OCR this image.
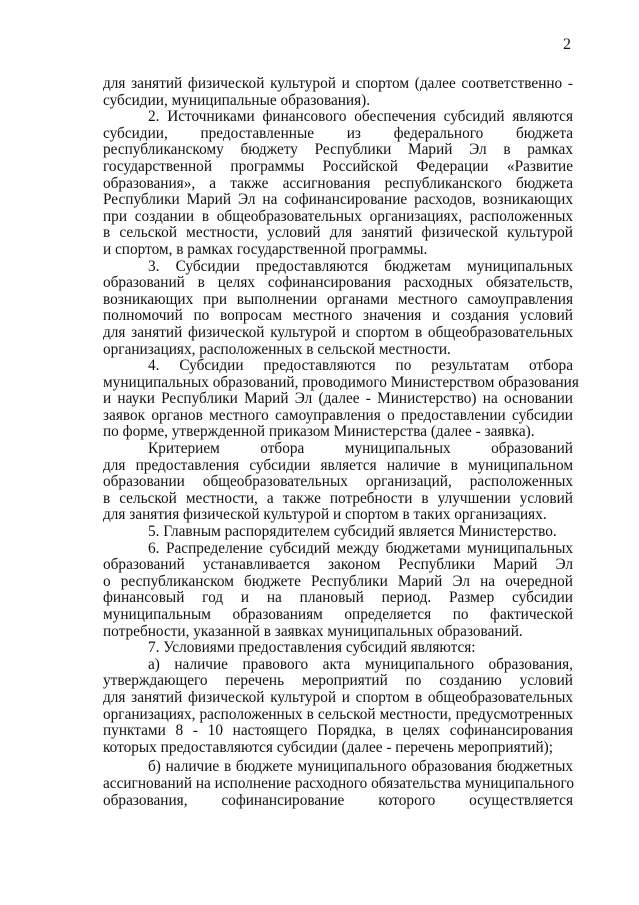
2
для занятий физической культурой и спортом (далее соответственно -
субсидии, муниципальные образования).
2. Источниками финансового обеспечения субсидий являются
субсидии, предоставленные из федерального бюджета
республиканскому бюджету Республики Марий Эл в рамках
государственной программы Российской Федерации «Развитие
образования», а также ассигнования республиканского бюджета
Республики Марий Эл на софинансирование расходов, возникающих
при создании в общеобразовательных организациях, расположенных
в сельской местности, условий для занятий физической культурой
и спортом, в рамках государственной программы.
3. Субсидии предоставляются бюджетам муниципальных
образований в целях софинансирования расходных обязательств,
возникающих при выполнении органами местного самоуправления
полномочий по вопросам местного значения и создания условий
для занятий физической культурой и спортом в общеобразовательных
организациях, расположенных в сельской местности.
4. Субсидии предоставляются по результатам отбора
муниципальных образований, проводимого Министерством образования
и науки Республики Марий Эл (далее - Министерство) на основании
заявок органов местного самоуправления о предоставлении субсидии
по форме, утвержденной приказом Министерства (далее - заявка).
Критерием отбора муниципальных образований
для предоставления субсидии является наличие в муниципальном
образовании общеобразовательных организаций, расположенных
в сельской местности, а также потребности в улучшении условий
для занятия физической культурой и спортом в таких организациях.
5. Главным распорядителем субсидий является Министерство.
6. Распределение субсидий между бюджетами муниципальных
образований устанавливается законом Республики Марий Эл
о республиканском бюджете Республики Марий Эл на очередной
финансовый год и на плановый период. Размер субсидии
муниципальным образованиям определяется по фактической
потребности, указанной в заявках муниципальных образований.
7. Условиями предоставления субсидий являются:
а) наличие правового акта муниципального образования,
утверждающего перечень мероприятий по созданию условий
для занятий физической культурой и спортом в общеобразовательных
организациях, расположенных в сельской местности, предусмотренных
пунктами 8 - 10 настоящего Порядка, в целях софинансирования
которых предоставляются субсидии (далее - перечень мероприятий);
б) наличие в бюджете муниципального образования бюджетных
ассигнований на исполнение расходного обязательства муниципального
образования, софинансирование которого осуществляется
